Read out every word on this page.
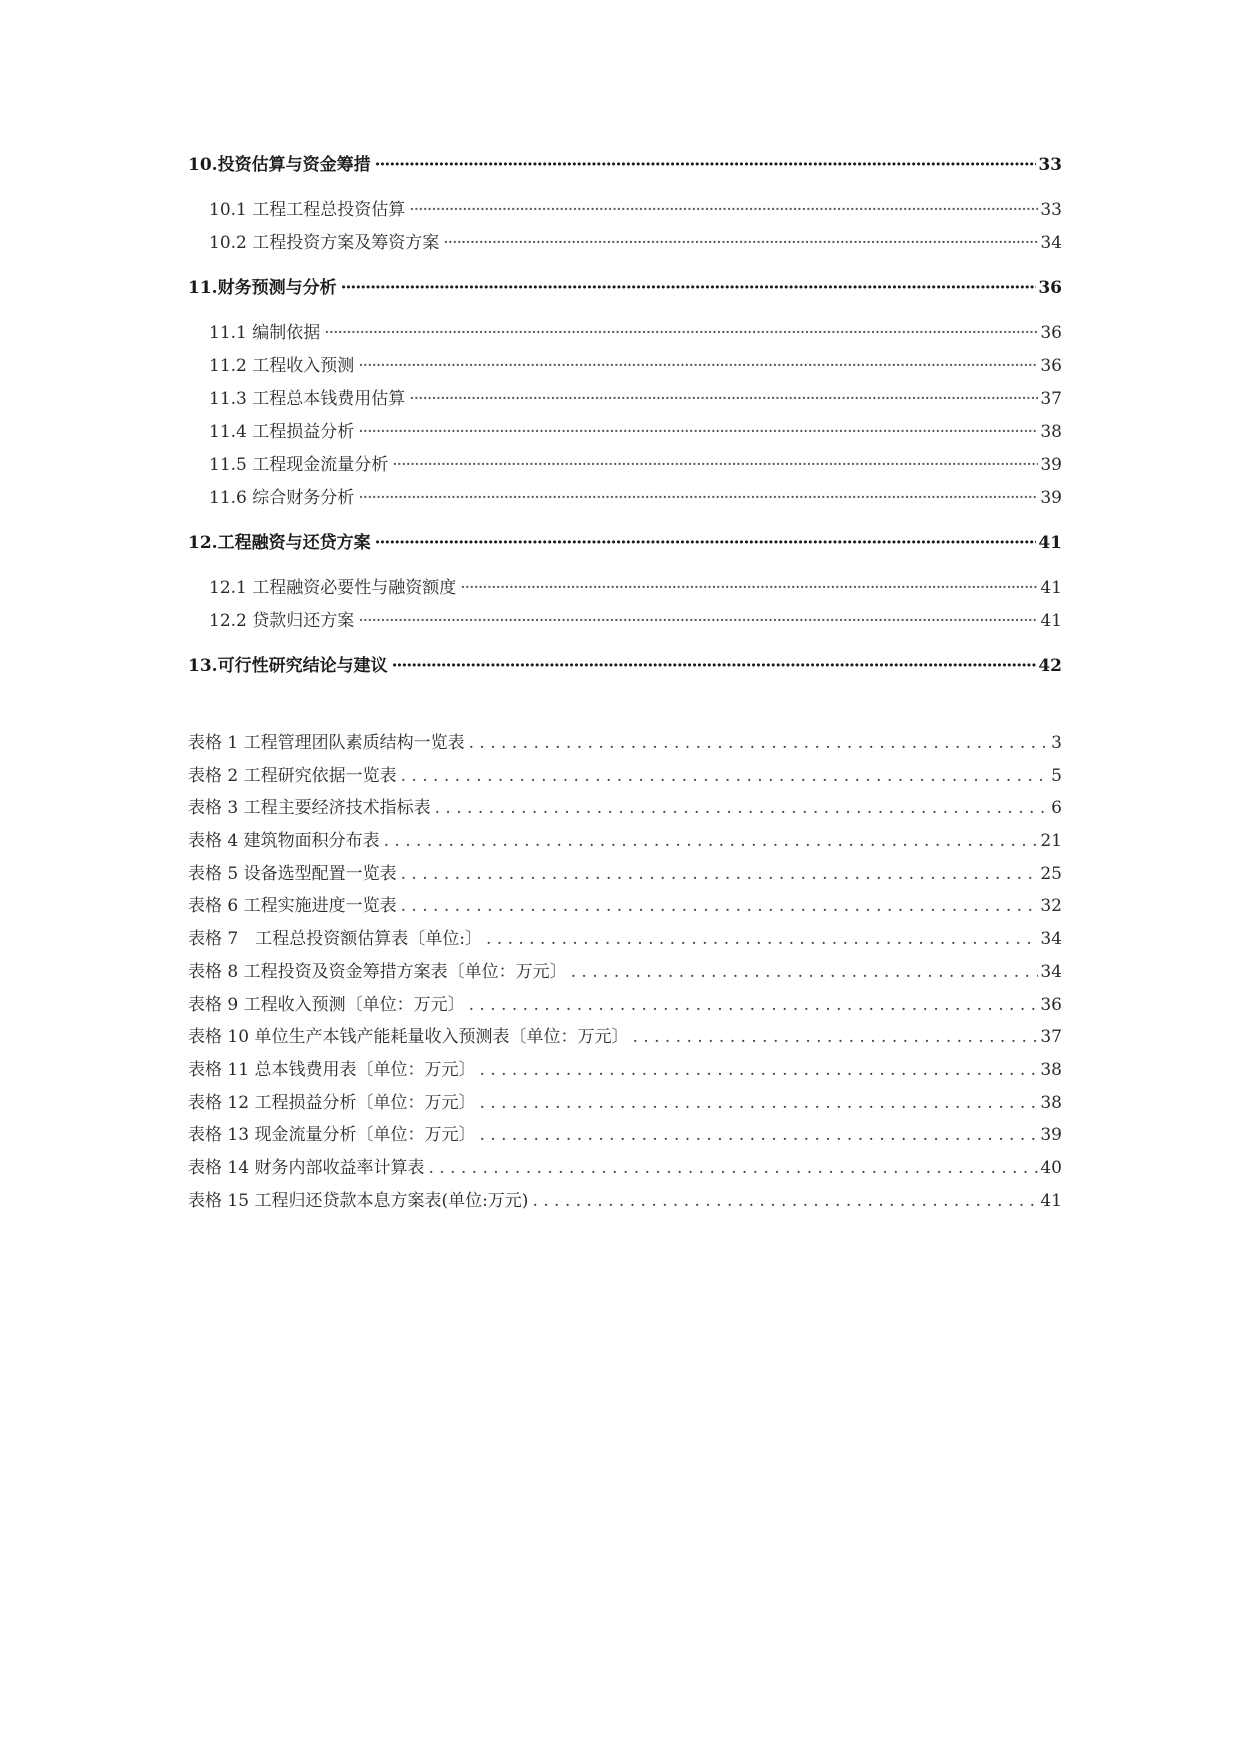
10.投资估算与资金筹措 ·····	33
10.1 工程工程总投资估算 ·····	33
10.2 工程投资方案及筹资方案 ·····	34
11.财务预测与分析 ·····	36
11.1 编制依据 ·····	36
11.2 工程收入预测 ·····	36
11.3 工程总本钱费用估算 ·····	37
11.4 工程损益分析 ·····	38
11.5 工程现金流量分析 ·····	39
11.6 综合财务分析 ·····	39
12.工程融资与还贷方案 ·····	41
12.1 工程融资必要性与融资额度 ·····	41
12.2 贷款归还方案 ·····	41
13.可行性研究结论与建议 ·····	42
表格 1 工程管理团队素质结构一览表 . . .	3
表格 2 工程研究依据一览表 . . .	5
表格 3 工程主要经济技术指标表 . . .	6
表格 4 建筑物面积分布表 . . .	21
表格 5 设备选型配置一览表 . . .	25
表格 6 工程实施进度一览表 . . .	32
表格 7　工程总投资额估算表〔单位:〕 . . .	34
表格 8 工程投资及资金筹措方案表〔单位：万元〕 . . .	34
表格 9 工程收入预测〔单位：万元〕 . . .	36
表格 10 单位生产本钱产能耗量收入预测表〔单位：万元〕 . . .	37
表格 11 总本钱费用表〔单位：万元〕 . . .	38
表格 12 工程损益分析〔单位：万元〕 . . .	38
表格 13 现金流量分析〔单位：万元〕 . . .	39
表格 14 财务内部收益率计算表 . . .	40
表格 15 工程归还贷款本息方案表(单位:万元) . . .	41
